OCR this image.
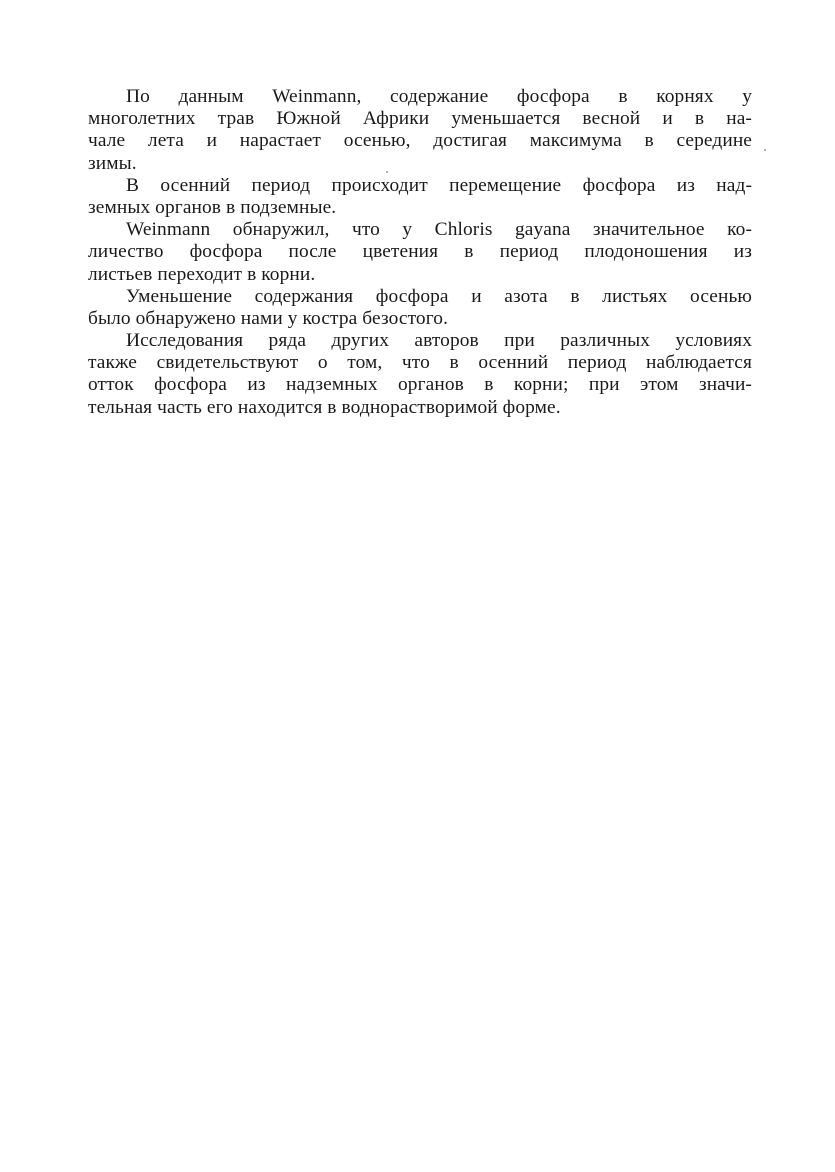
По данным Weinmann, содержание фосфора в корнях у
многолетних трав Южной Африки уменьшается весной и в на-
чале лета и нарастает осенью, достигая максимума в середине
зимы.
В осенний период происходит перемещение фосфора из над-
земных органов в подземные.
Weinmann обнаружил, что у Chloris gayana значительное ко-
личество фосфора после цветения в период плодоношения из
листьев переходит в корни.
Уменьшение содержания фосфора и азота в листьях осенью
было обнаружено нами у костра безостого.
Исследования ряда других авторов при различных условиях
также свидетельствуют о том, что в осенний период наблюдается
отток фосфора из надземных органов в корни; при этом значи-
тельная часть его находится в воднорастворимой форме.
